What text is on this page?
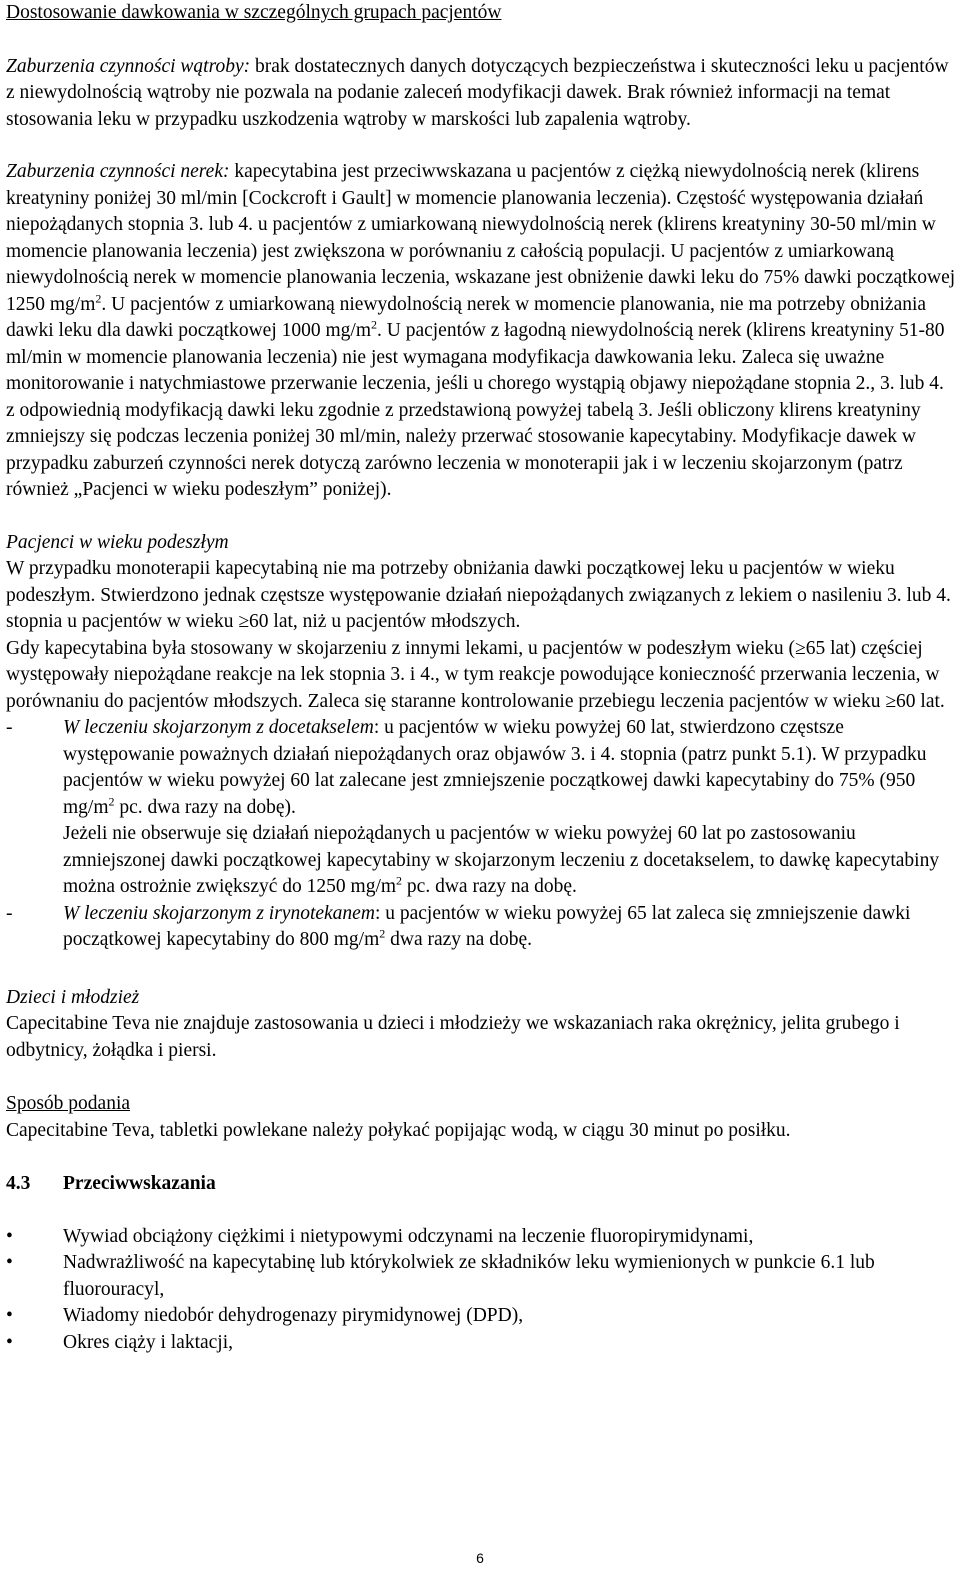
Dostosowanie dawkowania w szczególnych grupach pacjentów

Zaburzenia czynności wątroby: brak dostatecznych danych dotyczących bezpieczeństwa i skuteczności leku u pacjentów z niewydolnością wątroby nie pozwala na podanie zaleceń modyfikacji dawek. Brak również informacji na temat stosowania leku w przypadku uszkodzenia wątroby w marskości lub zapalenia wątroby.

Zaburzenia czynności nerek: kapecytabina jest przeciwwskazana u pacjentów z ciężką niewydolnością nerek (klirens kreatyniny poniżej 30 ml/min [Cockcroft i Gault] w momencie planowania leczenia). Częstość występowania działań niepożądanych stopnia 3. lub 4. u pacjentów z umiarkowaną niewydolnością nerek (klirens kreatyniny 30-50 ml/min w momencie planowania leczenia) jest zwiększona w porównaniu z całością populacji. U pacjentów z umiarkowaną niewydolnością nerek w momencie planowania leczenia, wskazane jest obniżenie dawki leku do 75% dawki początkowej 1250 $mg/m^2$. U pacjentów z umiarkowaną niewydolnością nerek w momencie planowania, nie ma potrzeby obniżania dawki leku dla dawki początkowej 1000 $mg/m^2$. U pacjentów z łagodną niewydolnością nerek (klirens kreatyniny 51-80 ml/min w momencie planowania leczenia) nie jest wymagana modyfikacja dawkowania leku. Zaleca się uważne monitorowanie i natychmiastowe przerwanie leczenia, jeśli u chorego wystąpią objawy niepożądane stopnia 2., 3. lub 4. z odpowiednią modyfikacją dawki leku zgodnie z przedstawioną powyżej tabelą 3. Jeśli obliczony klirens kreatyniny zmniejszy się podczas leczenia poniżej 30 ml/min, należy przerwać stosowanie kapecytabiny. Modyfikacje dawek w przypadku zaburzeń czynności nerek dotyczą zarówno leczenia w monoterapii jak i w leczeniu skojarzonym (patrz również „Pacjenci w wieku podeszłym” poniżej).

Pacjenci w wieku podeszłym

W przypadku monoterapii kapecytabiną nie ma potrzeby obniżania dawki początkowej leku u pacjentów w wieku podeszłym. Stwierdzono jednak częstsze występowanie działań niepożądanych związanych z lekiem o nasileniu 3. lub 4. stopnia u pacjentów w wieku ≥60 lat, niż u pacjentów młodszych.

Gdy kapecytabina była stosowany w skojarzeniu z innymi lekami, u pacjentów w podeszłym wieku (≥65 lat) częściej występowały niepożądane reakcje na lek stopnia 3. i 4., w tym reakcje powodujące konieczność przerwania leczenia, w porównaniu do pacjentów młodszych. Zaleca się staranne kontrolowanie przebiegu leczenia pacjentów w wieku ≥60 lat.

-	W leczeniu skojarzonym z docetakselem: u pacjentów w wieku powyżej 60 lat, stwierdzono częstsze występowanie poważnych działań niepożądanych oraz objawów 3. i 4. stopnia (patrz punkt 5.1). W przypadku pacjentów w wieku powyżej 60 lat zalecane jest zmniejszenie początkowej dawki kapecytabiny do 75% (950 $mg/m^2$ pc. dwa razy na dobę).

Jeżeli nie obserwuje się działań niepożądanych u pacjentów w wieku powyżej 60 lat po zastosowaniu zmniejszonej dawki początkowej kapecytabiny w skojarzonym leczeniu z docetakselem, to dawkę kapecytabiny można ostrożnie zwiększyć do 1250 $mg/m^2$ pc. dwa razy na dobę.

-	W leczeniu skojarzonym z irynotekanem: u pacjentów w wieku powyżej 65 lat zaleca się zmniejszenie dawki początkowej kapecytabiny do 800 $mg/m^2$ dwa razy na dobę.

Dzieci i młodzież

Capecitabine Teva nie znajduje zastosowania u dzieci i młodzieży we wskazaniach raka okrężnicy, jelita grubego i odbytnicy, żołądka i piersi.

Sposób podania

Capecitabine Teva, tabletki powlekane należy połykać popijając wodą, w ciągu 30 minut po posiłku.

4.3	Przeciwwskazania
•	Wywiad obciążony ciężkimi i nietypowymi odczynami na leczenie fluoropirymidynami,
•	Nadwrażliwość na kapecytabinę lub którykolwiek ze składników leku wymienionych w punkcie 6.1 lub fluorouracyl,
•	Wiadomy niedobór dehydrogenazy pirymidynowej (DPD),
•	Okres ciąży i laktacji,
6
